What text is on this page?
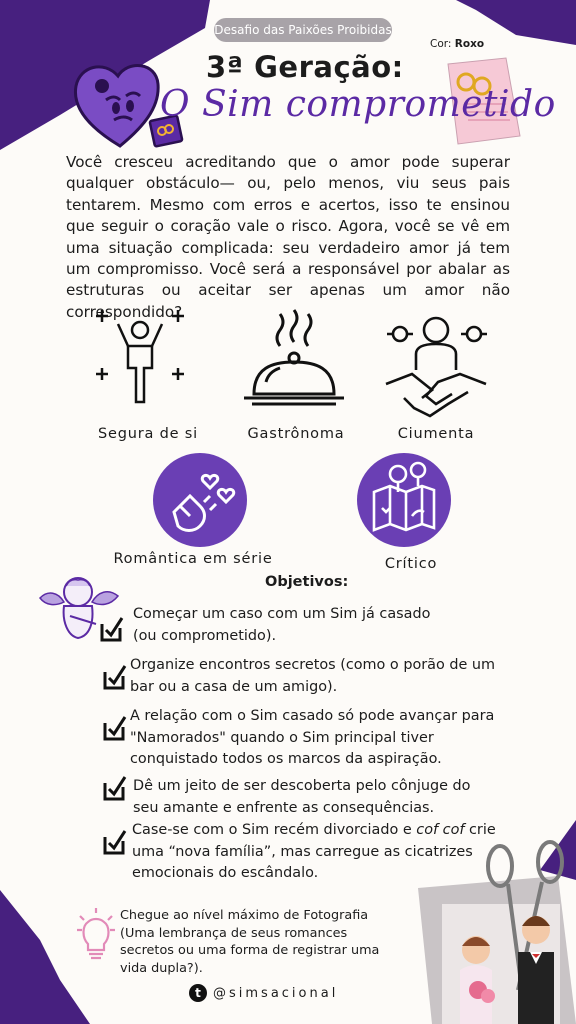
Desafio das Paixões Proibidas
Cor: Roxo
3ª Geração:
O Sim comprometido
Você cresceu acreditando que o amor pode superar qualquer obstáculo— ou, pelo menos, viu seus pais tentarem. Mesmo com erros e acertos, isso te ensinou que seguir o coração vale o risco. Agora, você se vê em uma situação complicada: seu verdadeiro amor já tem um compromisso. Você será a responsável por abalar as estruturas ou aceitar ser apenas um amor não correspondido?
Segura de si	Gastrônoma	Ciumenta
Romântica em série	Crítico
Objetivos:
Começar um caso com um Sim já casado
(ou comprometido).
Organize encontros secretos (como o porão de um
bar ou a casa de um amigo).
A relação com o Sim casado só pode avançar para
"Namorados" quando o Sim principal tiver
conquistado todos os marcos da aspiração.
Dê um jeito de ser descoberta pelo cônjuge do
seu amante e enfrente as consequências.
Case-se com o Sim recém divorciado e cof cof crie
uma “nova família”, mas carregue as cicatrizes
emocionais do escândalo.
Chegue ao nível máximo de Fotografia (Uma lembrança de seus romances secretos ou uma forma de registrar uma vida dupla?).
t @simsacional
